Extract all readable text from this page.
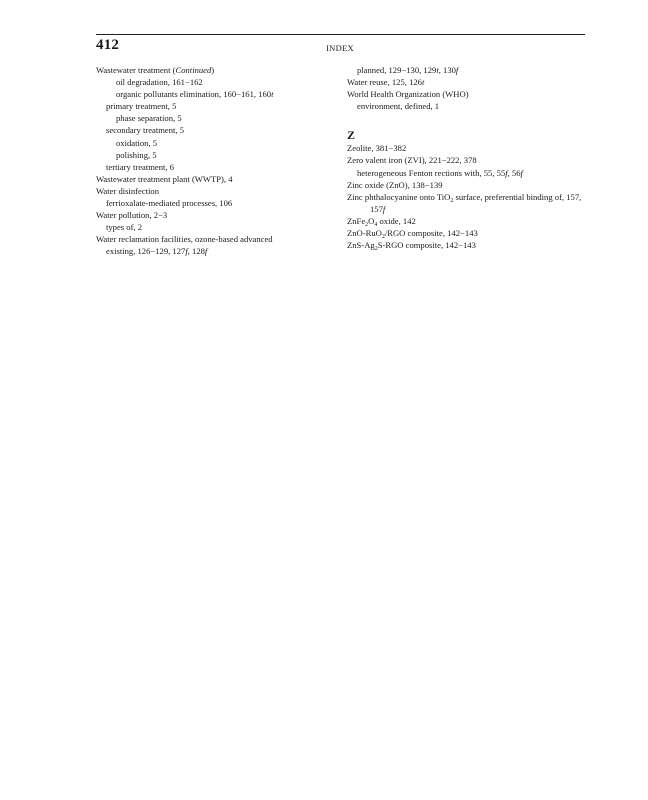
412	INDEX
Wastewater treatment (Continued)
oil degradation, 161−162
organic pollutants elimination, 160−161, 160t
primary treatment, 5
phase separation, 5
secondary treatment, 5
oxidation, 5
polishing, 5
tertiary treatment, 6
Wastewater treatment plant (WWTP), 4
Water disinfection
ferrioxalate-mediated processes, 106
Water pollution, 2−3
types of, 2
Water reclamation facilities, ozone-based advanced
existing, 126−129, 127f, 128f
planned, 129−130, 129t, 130f
Water reuse, 125, 126t
World Health Organization (WHO)
environment, defined, 1
Z
Zeolite, 381−382
Zero valent iron (ZVI), 221−222, 378
heterogeneous Fenton rections with, 55, 55f, 56f
Zinc oxide (ZnO), 138−139
Zinc phthalocyanine onto TiO$_2$ surface, preferential binding of, 157, 157f
$ZnFe_2O_4$ oxide, 142
ZnO-RuO$_2$/RGO composite, 142−143
ZnS-$Ag_2S$-RGO composite, 142−143
